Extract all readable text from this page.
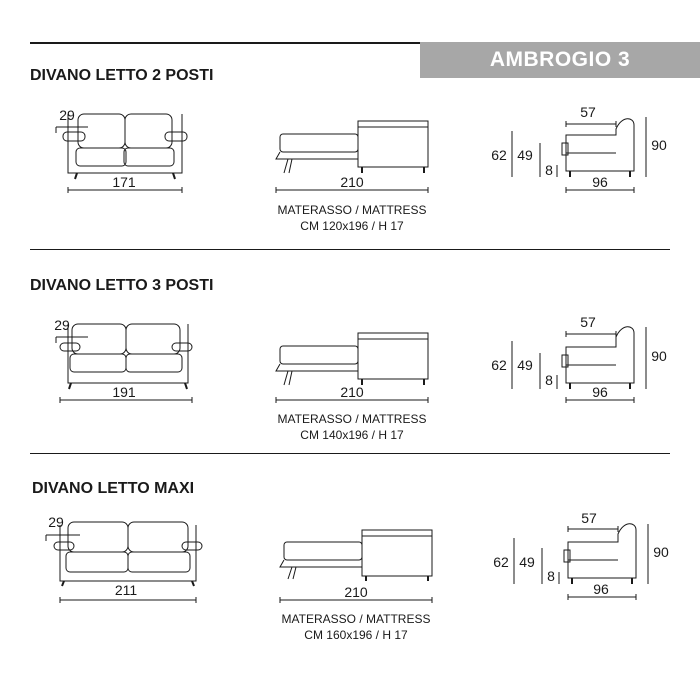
AMBROGIO 3
DIVANO LETTO 2 POSTI
29
171	210
MATERASSO / MATTRESS
CM 120x196 / H 17
57
90
62 49
8
96
DIVANO LETTO 3 POSTI
29
191	210
MATERASSO / MATTRESS
CM 140x196 / H 17
57
90
62 49
8
96
DIVANO LETTO MAXI
29
211	210
MATERASSO / MATTRESS
CM 160x196 / H 17
57
90
62 49
8
96
